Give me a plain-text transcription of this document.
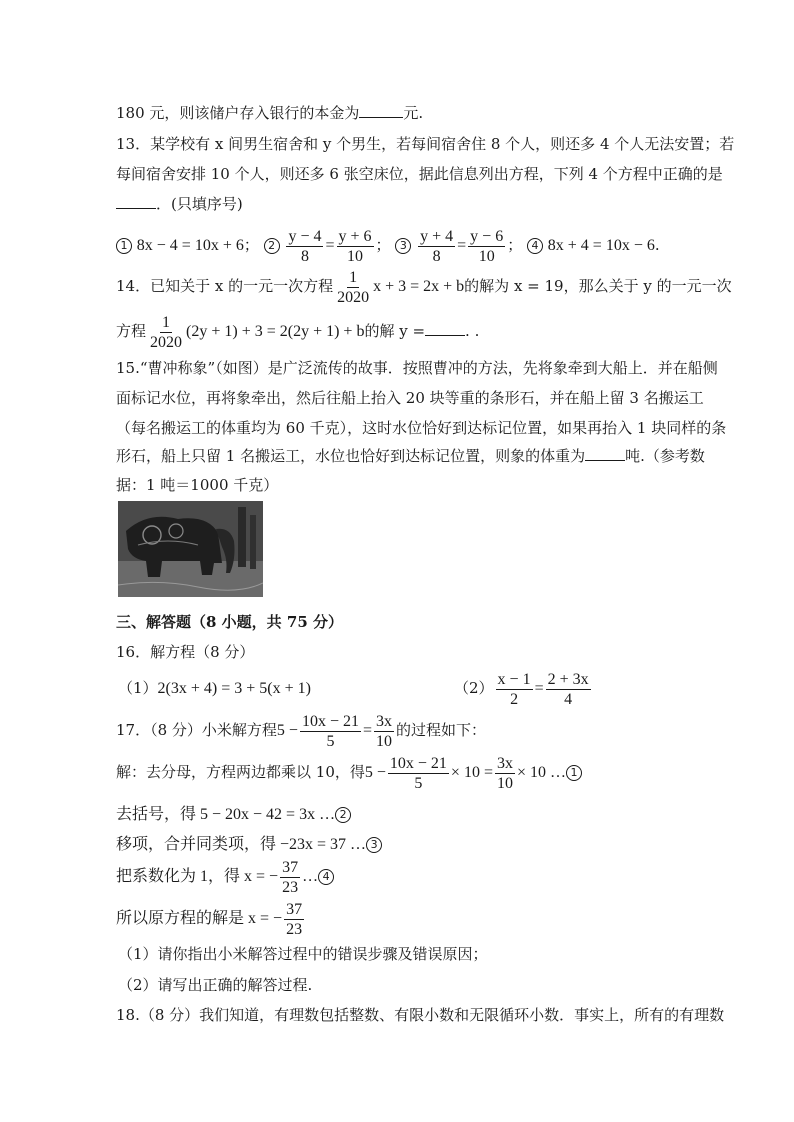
180 元，则该储户存入银行的本金为	元.
13．某学校有 x 间男生宿舍和 y 个男生，若每间宿舍住 8 个人，则还多 4 个人无法安置；若
每间宿舍安排 10 个人，则还多 6 张空床位，据此信息列出方程，下列 4 个方程中正确的是
．(只填序号)
1 8x − 4 = 10x + 6； $2 \frac{y - 4}{8} = \frac{y + 6}{10}$ ； $3 \frac{y + 4}{8} = \frac{y - 6}{10}$ ； 4 8x + 4 = 10x − 6.
14．已知关于 x 的一元一次方程 $\frac{1}{2020}$ x + 3 = 2x + b的解为 x = 19，那么关于 y 的一元一次
方程 $\frac{1}{2020} (2y + 1) + 3 = 2(2y + 1) + b$的解 y =	. .
15.“曹冲称象”（如图）是广泛流传的故事．按照曹冲的方法，先将象牵到大船上．并在船侧
面标记水位，再将象牵出，然后往船上抬入 20 块等重的条形石，并在船上留 3 名搬运工
（每名搬运工的体重均为 60 千克），这时水位恰好到达标记位置，如果再抬入 1 块同样的条
形石，船上只留 1 名搬运工，水位也恰好到达标记位置，则象的体重为	吨.（参考数
据：1 吨＝1000 千克）
三、解答题（8 小题，共 75 分）
16．解方程（8 分）
（1）2(3x + 4) = 3 + 5(x + 1)	$(2) \frac{x - 1}{2} = \frac{2 + 3x}{4}$
17．（8 分）小米解方程$5 - \frac{10x - 21}{5} = \frac{3x}{10}$ 的过程如下：
解：去分母，方程两边都乘以 10，得$5 - \frac{10x - 21}{5} \times 10 = \frac{3x}{10} \times 10$ … 1
去括号，得 5 − 20x − 42 = 3x … 2
移项，合并同类项，得 −23x = 37 … 3
把系数化为 1，得 x = − $\frac{37}{23}$ … 4
所以原方程的解是 x = − $\frac{37}{23}$
（1）请你指出小米解答过程中的错误步骤及错误原因；
（2）请写出正确的解答过程.
18.（8 分）我们知道，有理数包括整数、有限小数和无限循环小数．事实上，所有的有理数
